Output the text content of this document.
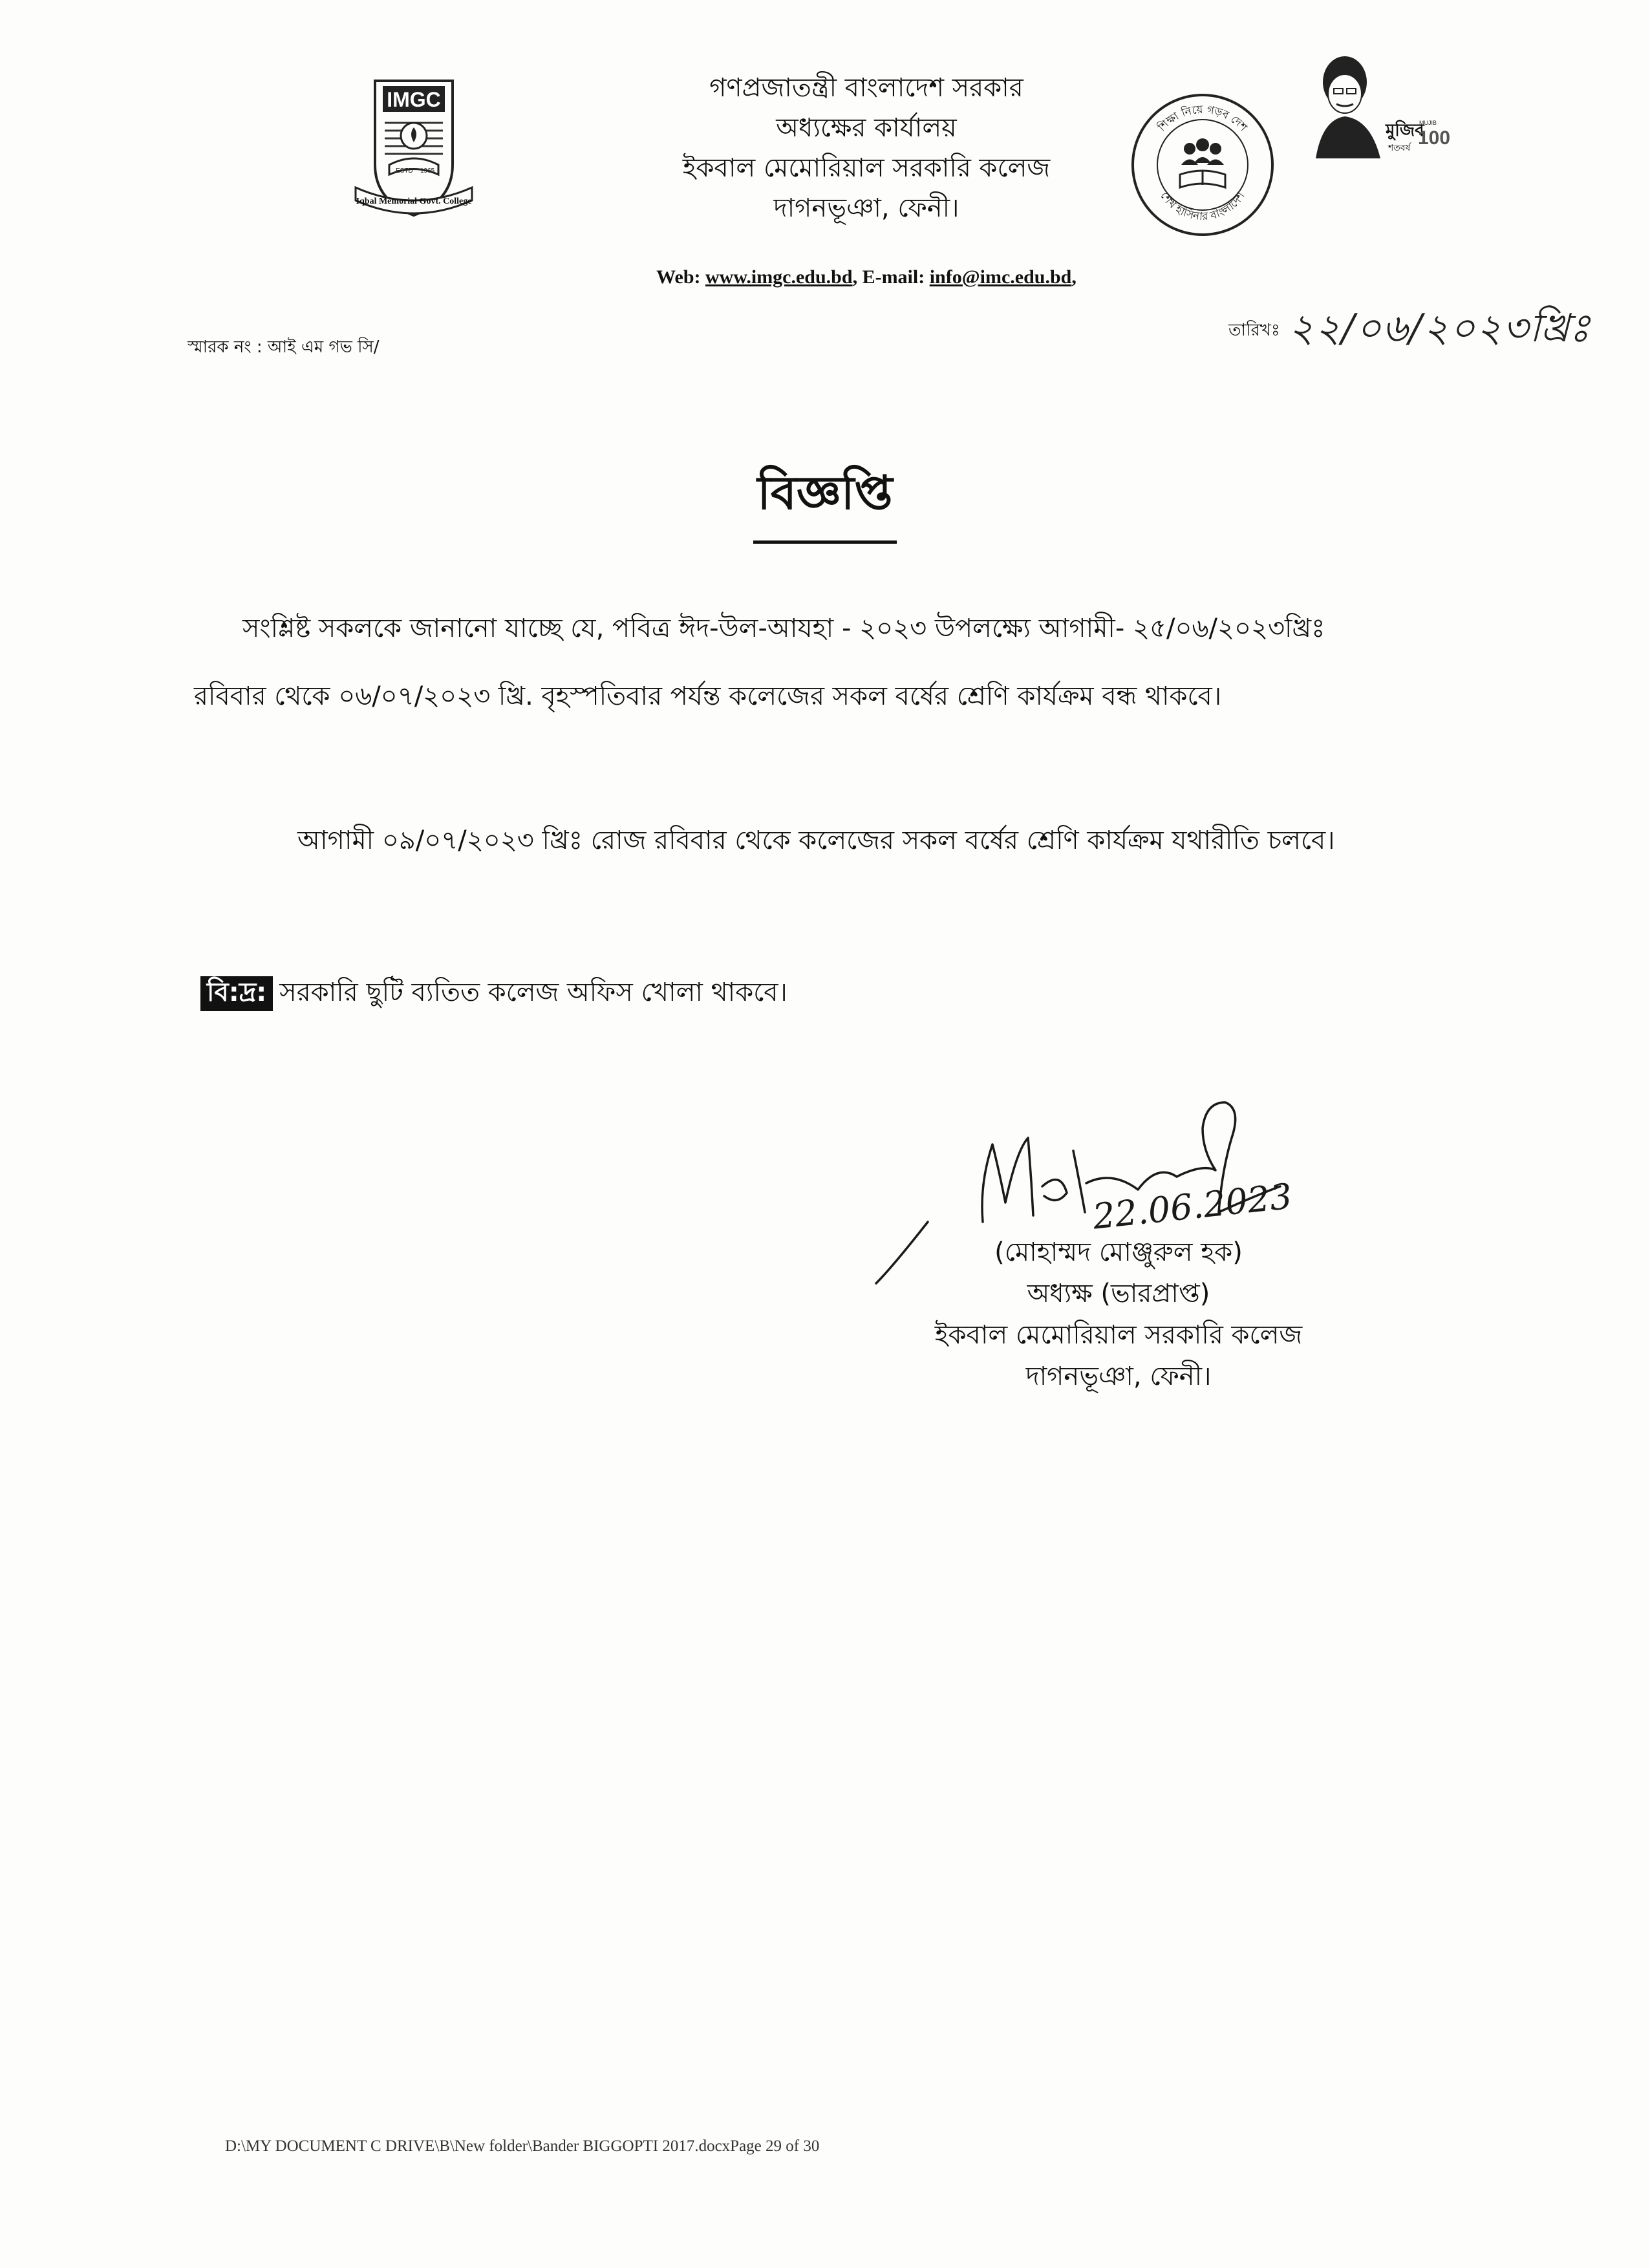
IMGC
ESTD 1965
Iqbal Memorial Govt. College
গণপ্রজাতন্ত্রী বাংলাদেশ সরকার
অধ্যক্ষের কার্যালয়
ইকবাল মেমোরিয়াল সরকারি কলেজ
দাগনভূঞা, ফেনী।
Web: www.imgc.edu.bd, E-mail: info@imc.edu.bd,
শিক্ষা নিয়ে গড়ব দেশ
শেখ হাসিনার বাংলাদেশ
মুজিব
শতবর্ষ
MUJIB
100
স্মারক নং : আই এম গভ সি/
তারিখঃ ২২/০৬/২০২৩খ্রিঃ
বিজ্ঞপ্তি
সংশ্লিষ্ট সকলকে জানানো যাচ্ছে যে, পবিত্র ঈদ-উল-আযহা - ২০২৩ উপলক্ষ্যে আগামী- ২৫/০৬/২০২৩খ্রিঃ
রবিবার থেকে ০৬/০৭/২০২৩ খ্রি. বৃহস্পতিবার পর্যন্ত কলেজের সকল বর্ষের শ্রেণি কার্যক্রম বন্ধ থাকবে।
আগামী ০৯/০৭/২০২৩ খ্রিঃ রোজ রবিবার থেকে কলেজের সকল বর্ষের শ্রেণি কার্যক্রম যথারীতি চলবে।
বি:দ্র: সরকারি ছুটি ব্যতিত কলেজ অফিস খোলা থাকবে।
22.06.2023
(মোহাম্মদ মোঞ্জুরুল হক)
অধ্যক্ষ (ভারপ্রাপ্ত)
ইকবাল মেমোরিয়াল সরকারি কলেজ
দাগনভূঞা, ফেনী।
D:\MY DOCUMENT C DRIVE\B\New folder\Bander BIGGOPTI 2017.docxPage 29 of 30
